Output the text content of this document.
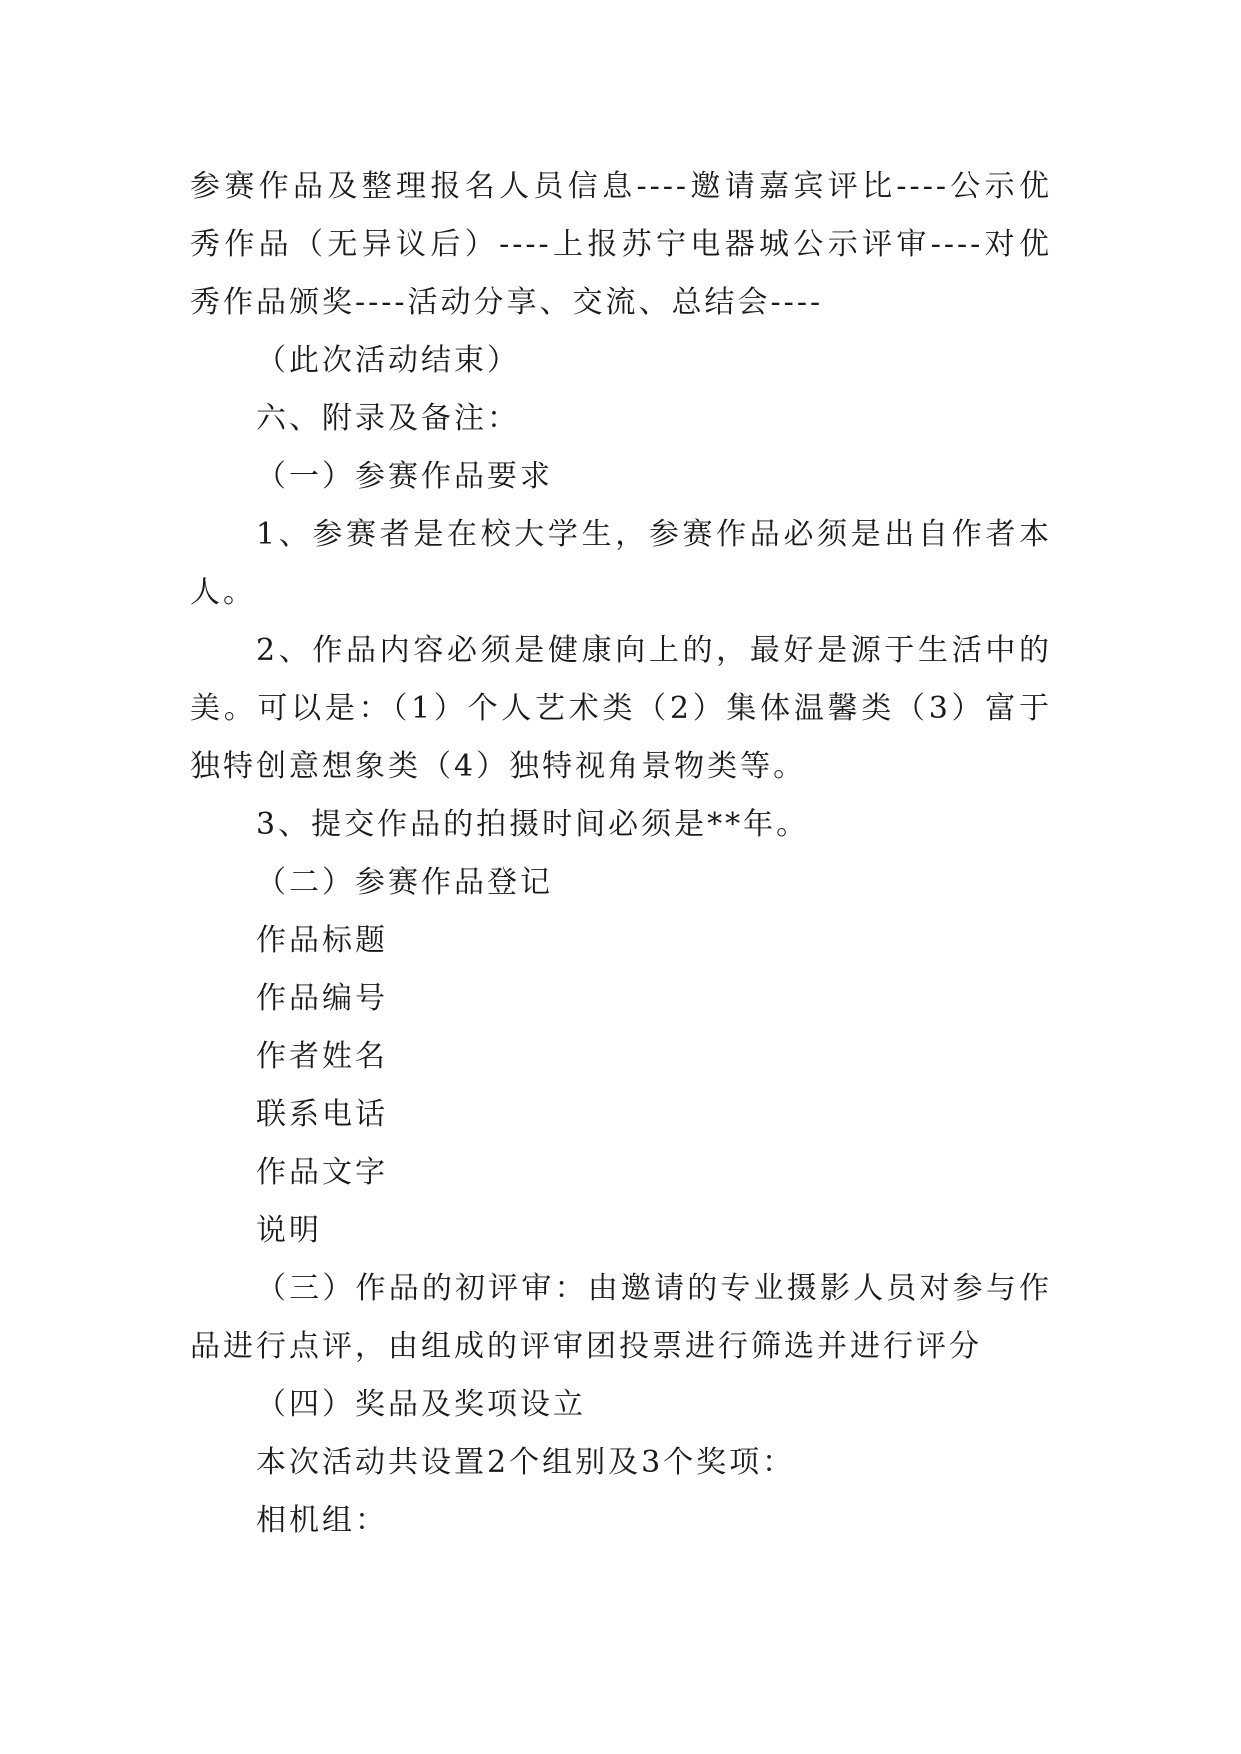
参赛作品及整理报名人员信息----邀请嘉宾评比----公示优秀作品（无异议后）----上报苏宁电器城公示评审----对优秀作品颁奖----活动分享、交流、总结会----

（此次活动结束）

六、附录及备注：

（一）参赛作品要求

1、参赛者是在校大学生，参赛作品必须是出自作者本人。

2、作品内容必须是健康向上的，最好是源于生活中的美。可以是：（1）个人艺术类（2）集体温馨类（3）富于独特创意想象类（4）独特视角景物类等。

3、提交作品的拍摄时间必须是**年。

（二）参赛作品登记

作品标题

作品编号

作者姓名

联系电话

作品文字

说明

（三）作品的初评审：由邀请的专业摄影人员对参与作品进行点评，由组成的评审团投票进行筛选并进行评分

（四）奖品及奖项设立

本次活动共设置2个组别及3个奖项：

相机组：
